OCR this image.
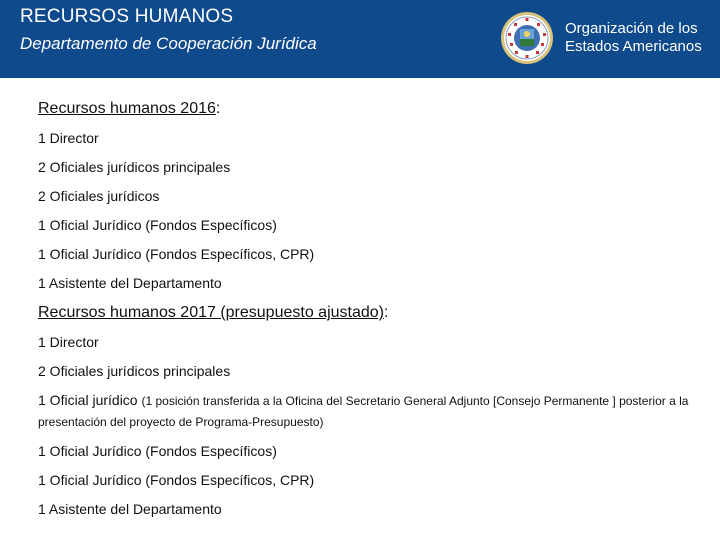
RECURSOS HUMANOS
Departamento de Cooperación Jurídica
Organización de los
Estados Americanos
Recursos humanos 2016:
1 Director
2 Oficiales jurídicos principales
2 Oficiales jurídicos
1 Oficial Jurídico (Fondos Específicos)
1 Oficial Jurídico (Fondos Específicos, CPR)
1 Asistente del Departamento
Recursos humanos 2017 (presupuesto ajustado):
1 Director
2 Oficiales jurídicos principales
1 Oficial jurídico (1 posición transferida a la Oficina del Secretario General Adjunto [Consejo Permanente ] posterior a la presentación del proyecto de Programa-Presupuesto)
1 Oficial Jurídico (Fondos Específicos)
1 Oficial Jurídico (Fondos Específicos, CPR)
1 Asistente del Departamento
